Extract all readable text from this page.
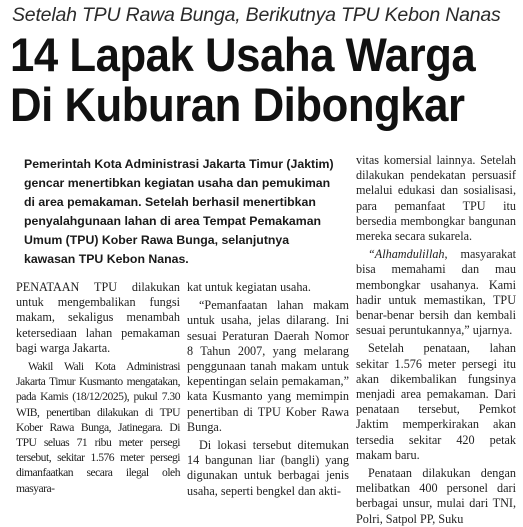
Setelah TPU Rawa Bunga, Berikutnya TPU Kebon Nanas
14 Lapak Usaha Warga
Di Kuburan Dibongkar

Pemerintah Kota Administrasi Jakarta Timur (Jaktim) gencar menertibkan kegiatan usaha dan pemukiman di area pemakaman. Setelah berhasil menertibkan penyalahgunaan lahan di area Tempat Pemakaman Umum (TPU) Kober Rawa Bunga, selanjutnya kawasan TPU Kebon Nanas.

PENATAAN TPU dilakukan untuk mengembalikan fungsi makam, sekaligus menambah ketersediaan lahan pemakaman bagi warga Jakarta.

Wakil Wali Kota Administrasi Jakarta Timur Kusmanto mengatakan, pada Kamis (18/12/2025), pukul 7.30 WIB, penertiban dilakukan di TPU Kober Rawa Bunga, Jatinegara. Di TPU seluas 71 ribu meter persegi tersebut, sekitar 1.576 meter persegi dimanfaatkan secara ilegal oleh masyara-

kat untuk kegiatan usaha.

“Pemanfaatan lahan makam untuk usaha, jelas dilarang. Ini sesuai Peraturan Daerah Nomor 8 Tahun 2007, yang melarang penggunaan tanah makam untuk kepentingan selain pemakaman,” kata Kusmanto yang memimpin penertiban di TPU Kober Rawa Bunga.

Di lokasi tersebut ditemukan 14 bangunan liar (bangli) yang digunakan untuk berbagai jenis usaha, seperti bengkel dan akti-

vitas komersial lainnya. Setelah dilakukan pendekatan persuasif melalui edukasi dan sosialisasi, para pemanfaat TPU itu bersedia membongkar bangunan mereka secara sukarela.

“Alhamdulillah, masyarakat bisa memahami dan mau membongkar usahanya. Kami hadir untuk memastikan, TPU benar-benar bersih dan kembali sesuai peruntukannya,” ujarnya.

Setelah penataan, lahan sekitar 1.576 meter persegi itu akan dikembalikan fungsinya menjadi area pemakaman. Dari penataan tersebut, Pemkot Jaktim memperkirakan akan tersedia sekitar 420 petak makam baru.

Penataan dilakukan dengan melibatkan 400 personel dari berbagai unsur, mulai dari TNI, Polri, Satpol PP, Suku
